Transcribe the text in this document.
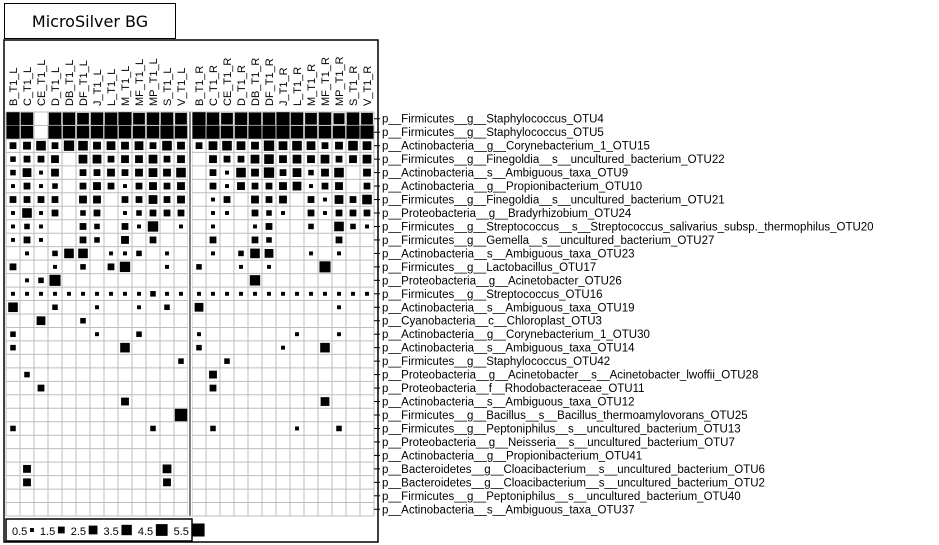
MicroSilver BG
B_T1_L C_T1_L CE_T1_L D_T1_L DB_T1_L DF_T1_L J_T1_L L_T1_L M_T1_L MF_T1_L MP_T1_L S_T1_L V_T1_L B_T1_R C_T1_R CE_T1_R D_T1_R DB_T1_R DF_T1_R J_T1_R L_T1_R M_T1_R MF_T1_R MP_T1_R S_T1_R V_T1_R
p__Firmicutes__g__Staphylococcus_OTU4
p__Firmicutes__g__Staphylococcus_OTU5
p__Actinobacteria__g__Corynebacterium_1_OTU15
p__Firmicutes__g__Finegoldia__s__uncultured_bacterium_OTU22
p__Actinobacteria__s__Ambiguous_taxa_OTU9
p__Actinobacteria__g__Propionibacterium_OTU10
p__Firmicutes__g__Finegoldia__s__uncultured_bacterium_OTU21
p__Proteobacteria__g__Bradyrhizobium_OTU24
p__Firmicutes__g__Streptococcus__s__Streptococcus_salivarius_subsp._thermophilus_OTU20
p__Firmicutes__g__Gemella__s__uncultured_bacterium_OTU27
p__Actinobacteria__s__Ambiguous_taxa_OTU23
p__Firmicutes__g__Lactobacillus_OTU17
p__Proteobacteria__g__Acinetobacter_OTU26
p__Firmicutes__g__Streptococcus_OTU16
p__Actinobacteria__s__Ambiguous_taxa_OTU19
p__Cyanobacteria__c__Chloroplast_OTU3
p__Actinobacteria__g__Corynebacterium_1_OTU30
p__Actinobacteria__s__Ambiguous_taxa_OTU14
p__Firmicutes__g__Staphylococcus_OTU42
p__Proteobacteria__g__Acinetobacter__s__Acinetobacter_lwoffii_OTU28
p__Proteobacteria__f__Rhodobacteraceae_OTU11
p__Actinobacteria__s__Ambiguous_taxa_OTU12
p__Firmicutes__g__Bacillus__s__Bacillus_thermoamylovorans_OTU25
p__Firmicutes__g__Peptoniphilus__s__uncultured_bacterium_OTU13
p__Proteobacteria__g__Neisseria__s__uncultured_bacterium_OTU7
p__Actinobacteria__g__Propionibacterium_OTU41
p__Bacteroidetes__g__Cloacibacterium__s__uncultured_bacterium_OTU6
p__Bacteroidetes__g__Cloacibacterium__s__uncultured_bacterium_OTU2
p__Firmicutes__g__Peptoniphilus__s__uncultured_bacterium_OTU40
p__Actinobacteria__s__Ambiguous_taxa_OTU37
0.5 1.5 2.5 3.5 4.5 5.5
